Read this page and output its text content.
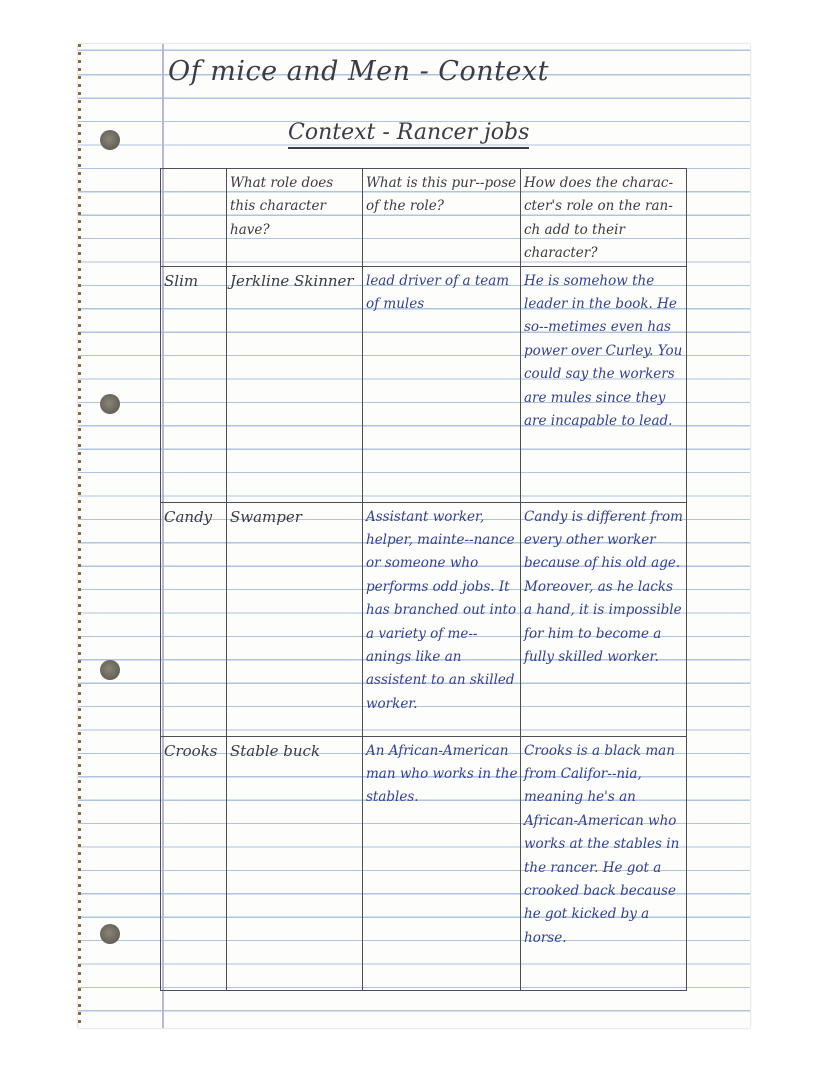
Of mice and Men - Context
Context - Rancer jobs
	What role does this character have?	What is this pur--pose of the role?	How does the charac-cter's role on the ran-ch add to their character?
Slim	Jerkline Skinner	lead driver of a team of mules	He is somehow the leader in the book. He so--metimes even has power over Curley. You could say the workers are mules since they are incapable to lead.
Candy	Swamper	Assistant worker, helper, mainte--nance or someone who performs odd jobs. It has branched out into a variety of me--anings like an assistent to an skilled worker.	Candy is different from every other worker because of his old age. Moreover, as he lacks a hand, it is impossible for him to become a fully skilled worker.
Crooks	Stable buck	An African-American man who works in the stables.	Crooks is a black man from Califor--nia, meaning he's an African-American who works at the stables in the rancer. He got a crooked back because he got kicked by a horse.
